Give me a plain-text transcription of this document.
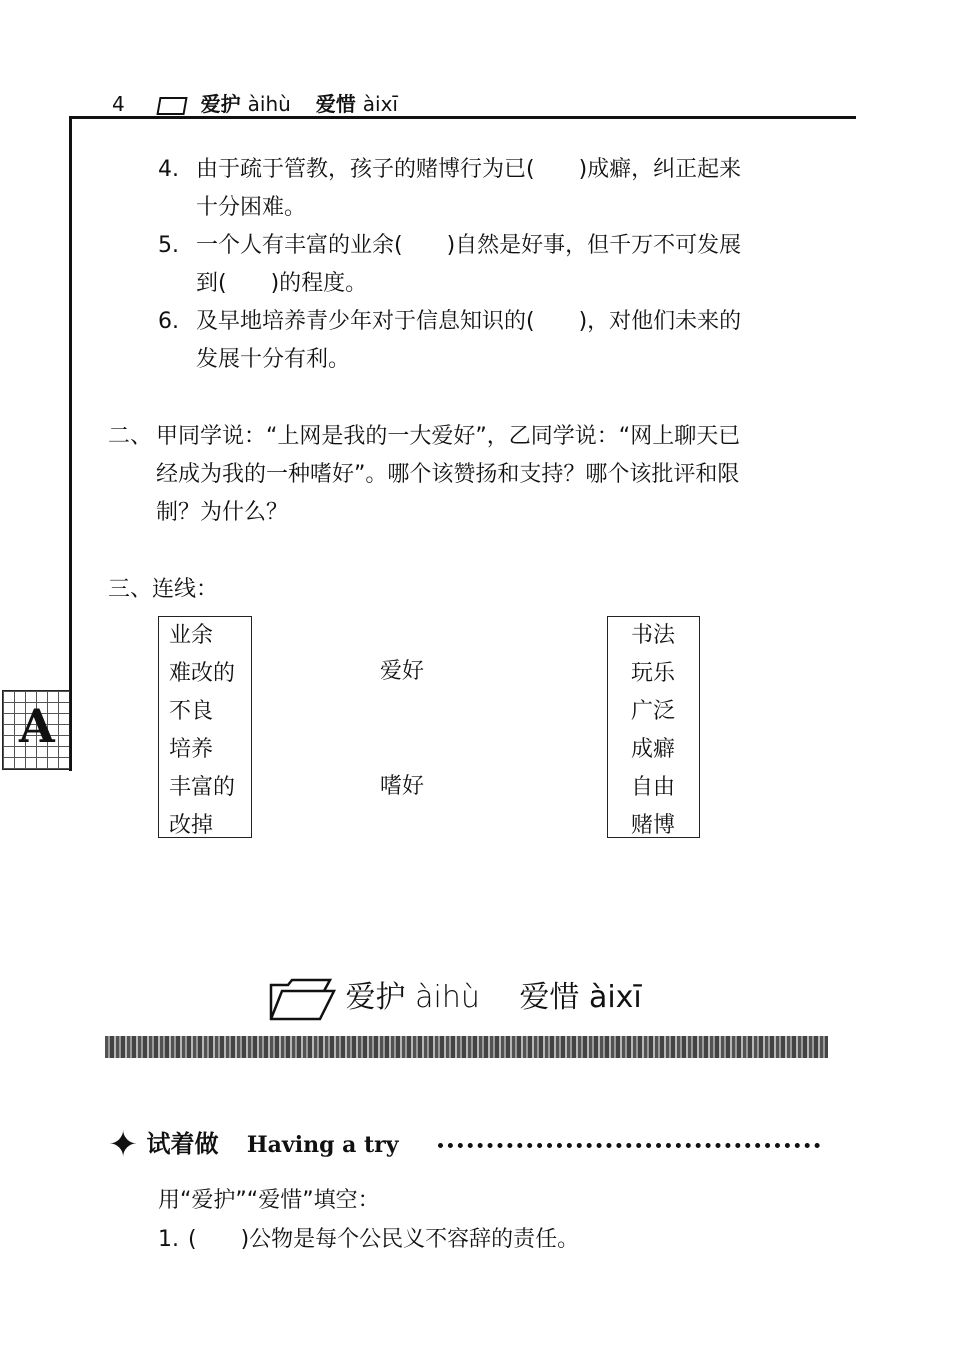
4	爱护 àihù 爱惜 àixī
A
4. 由于疏于管教，孩子的赌博行为已(　　)成癖，纠正起来
十分困难。
5. 一个人有丰富的业余(　　)自然是好事，但千万不可发展
到(　　)的程度。
6. 及早地培养青少年对于信息知识的(　　)，对他们未来的
发展十分有利。
二、 甲同学说：“上网是我的一大爱好”，乙同学说：“网上聊天已
经成为我的一种嗜好”。哪个该赞扬和支持？哪个该批评和限
制？为什么？
三、连线：
业余
难改的
不良
培养
丰富的
改掉
爱好
嗜好
书法
玩乐
广泛
成癖
自由
赌博
爱护 àihù 爱惜 àixī
✦ 试着做 Having a try
用“爱护”“爱惜”填空：
1. (　　)公物是每个公民义不容辞的责任。
